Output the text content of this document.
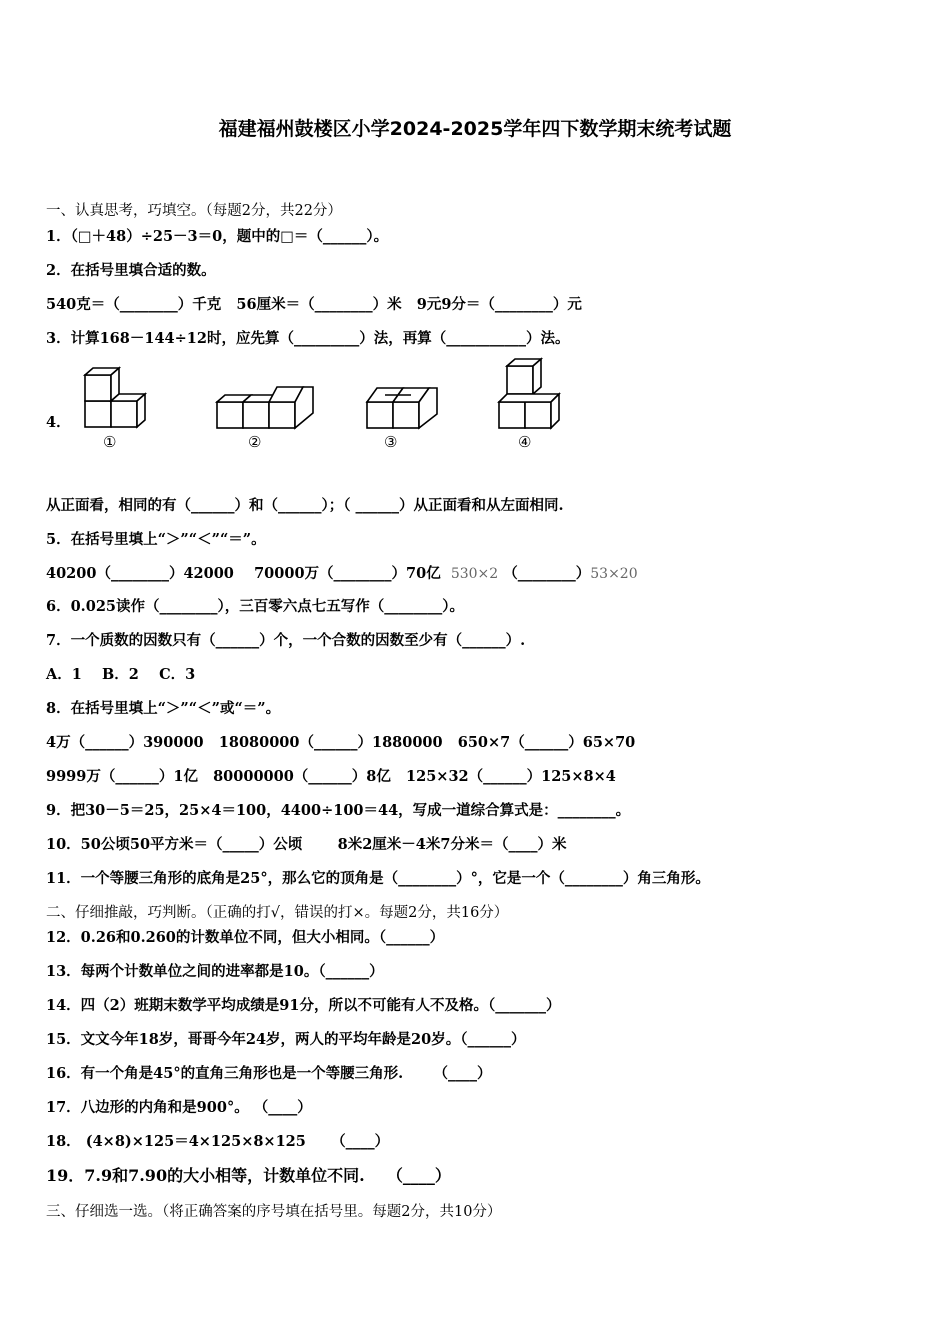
福建福州鼓楼区小学2024-2025学年四下数学期末统考试题
一、认真思考，巧填空。（每题2分，共22分）
1．（□＋48）÷25－3＝0，题中的□＝（______）。
2．在括号里填合适的数。
540克＝（________）千克   56厘米＝（________）米   9元9分＝（________）元
3．计算168－144÷12时，应先算（_________）法，再算（___________）法。
4．
①	②	③	④
从正面看，相同的有（______）和（______）；（ ______）从正面看和从左面相同.
5．在括号里填上“＞”“＜”“＝”。
40200（________）42000    70000万（________）70亿 530×2 （________）53×20
6．0.025读作（________），三百零六点七五写作（________）。
7．一个质数的因数只有（______）个，一个合数的因数至少有（______）.
A．1    B．2    C．3
8．在括号里填上“＞”“＜”或“＝”。
4万（______）390000   18080000（______）1880000   650×7（______）65×70
9999万（______）1亿   80000000（______）8亿   125×32（______）125×8×4
9．把30－5＝25，25×4＝100，4400÷100＝44，写成一道综合算式是：________。
10．50公顷50平方米＝（_____）公顷       8米2厘米－4米7分米＝（____）米
11．一个等腰三角形的底角是25°，那么它的顶角是（________）°，它是一个（________）角三角形。
二、仔细推敲，巧判断。（正确的打√，错误的打×。每题2分，共16分）
12．0.26和0.260的计数单位不同，但大小相同。（______）
13．每两个计数单位之间的进率都是10。（______）
14．四（2）班期末数学平均成绩是91分，所以不可能有人不及格。（_______）
15．文文今年18岁，哥哥今年24岁，两人的平均年龄是20岁。（______）
16．有一个角是45°的直角三角形也是一个等腰三角形.      （____）
17．八边形的内角和是900°。 （____）
18． (4×8)×125＝4×125×8×125     （____）
19．7.9和7.90的大小相等，计数单位不同.    （____）
三、仔细选一选。（将正确答案的序号填在括号里。每题2分，共10分）
